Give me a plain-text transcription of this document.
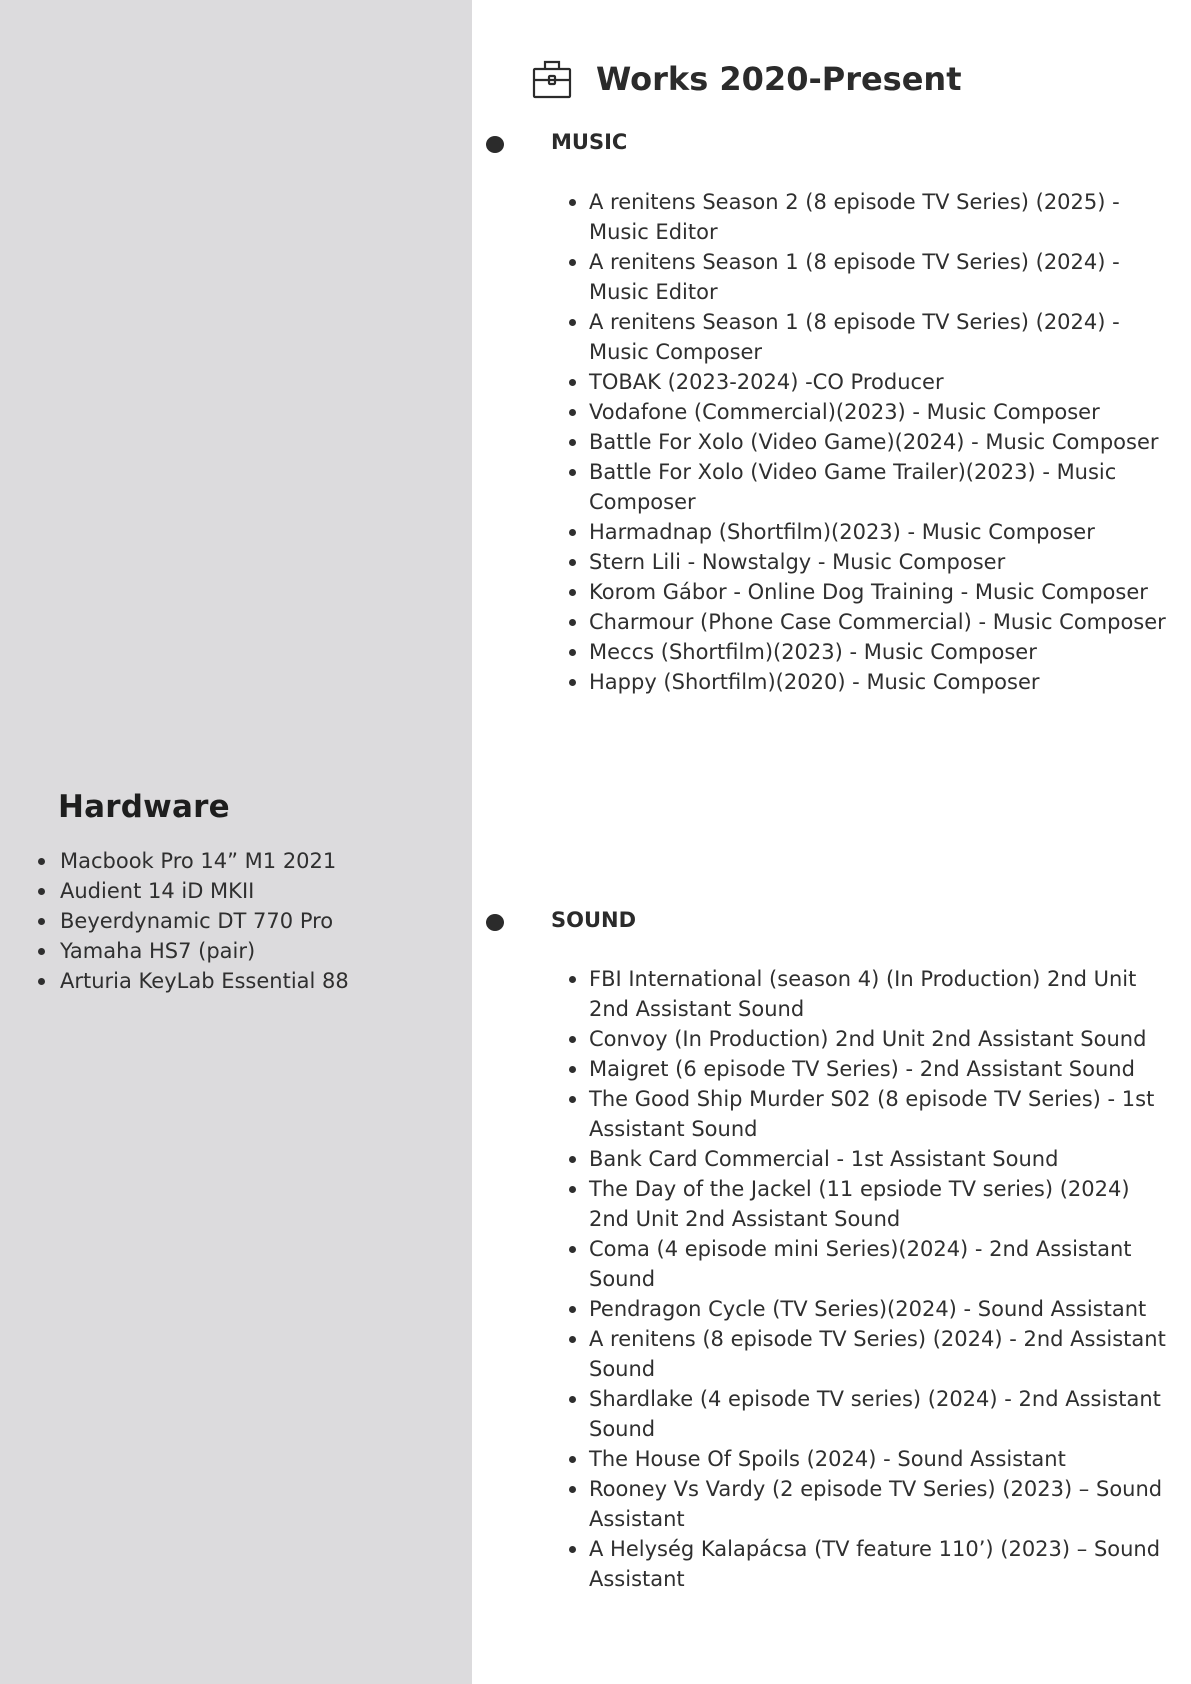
Hardware
Macbook Pro 14” M1 2021
Audient 14 iD MKII
Beyerdynamic DT 770 Pro
Yamaha HS7 (pair)
Arturia KeyLab Essential 88
Works 2020-Present
MUSIC
A renitens Season 2 (8 episode TV Series) (2025) - Music Editor
A renitens Season 1 (8 episode TV Series) (2024) - Music Editor
A renitens Season 1 (8 episode TV Series) (2024) - Music Composer
TOBAK (2023-2024) -CO Producer
Vodafone (Commercial)(2023) - Music Composer
Battle For Xolo (Video Game)(2024) - Music Composer
Battle For Xolo (Video Game Trailer)(2023) - Music Composer
Harmadnap (Shortfilm)(2023) - Music Composer
Stern Lili - Nowstalgy - Music Composer
Korom Gábor - Online Dog Training - Music Composer
Charmour (Phone Case Commercial) - Music Composer
Meccs (Shortfilm)(2023) - Music Composer
Happy (Shortfilm)(2020) - Music Composer
SOUND
FBI International (season 4) (In Production) 2nd Unit 2nd Assistant Sound
Convoy (In Production) 2nd Unit 2nd Assistant Sound
Maigret (6 episode TV Series) - 2nd Assistant Sound
The Good Ship Murder S02 (8 episode TV Series) - 1st Assistant Sound
Bank Card Commercial - 1st Assistant Sound
The Day of the Jackel (11 epsiode TV series) (2024) 2nd Unit 2nd Assistant Sound
Coma (4 episode mini Series)(2024) - 2nd Assistant Sound
Pendragon Cycle (TV Series)(2024) - Sound Assistant
A renitens (8 episode TV Series) (2024) - 2nd Assistant Sound
Shardlake (4 episode TV series) (2024) - 2nd Assistant Sound
The House Of Spoils (2024) - Sound Assistant
Rooney Vs Vardy (2 episode TV Series) (2023) – Sound Assistant
A Helység Kalapácsa (TV feature 110’) (2023) – Sound Assistant
